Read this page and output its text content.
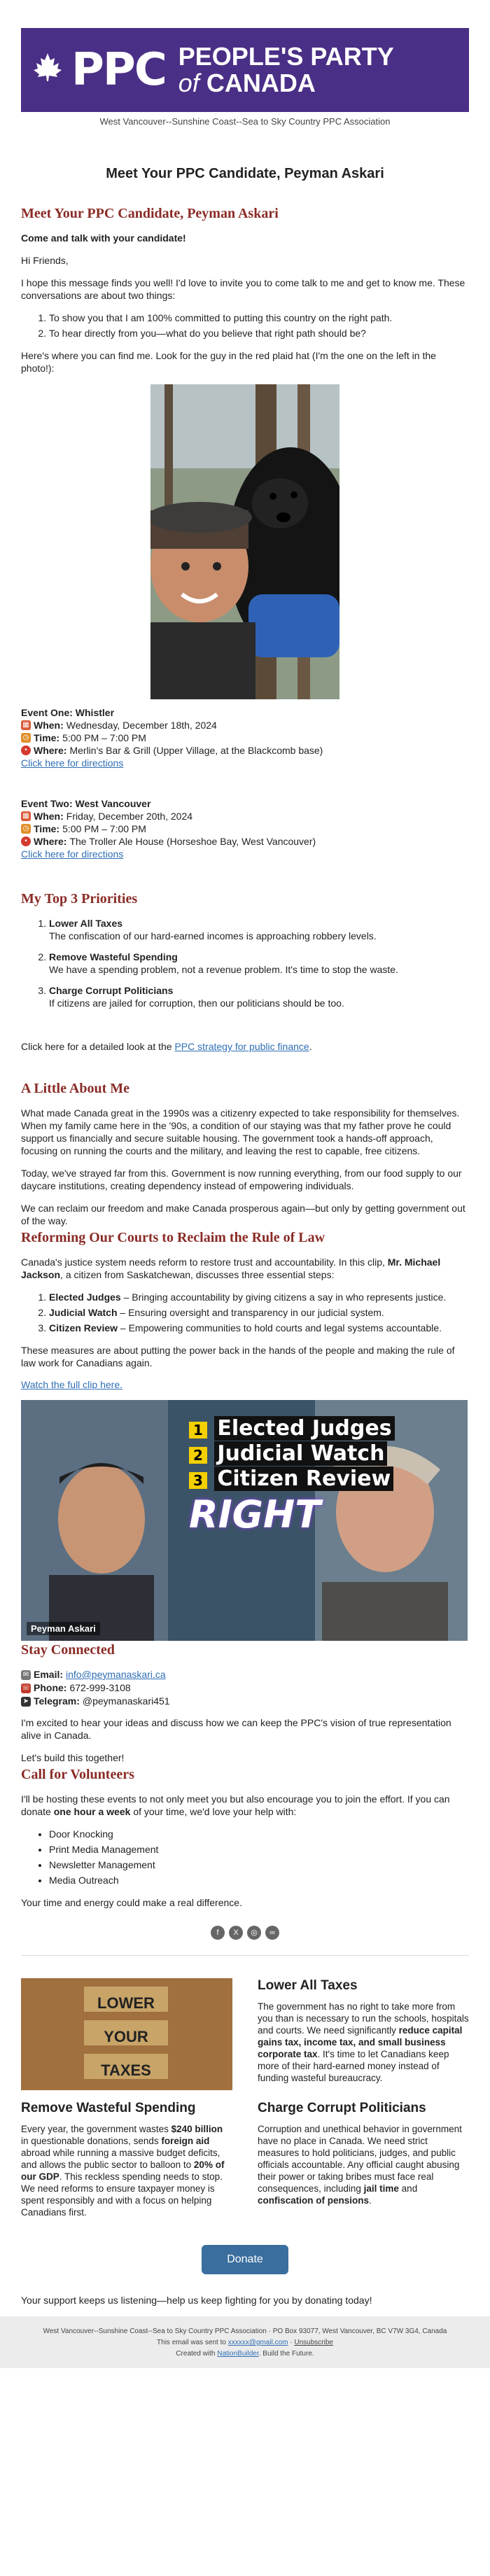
PPC PEOPLE'S PARTY
of CANADA
West Vancouver--Sunshine Coast--Sea to Sky Country PPC Association
Meet Your PPC Candidate, Peyman Askari
Meet Your PPC Candidate, Peyman Askari

Come and talk with your candidate!

Hi Friends,

I hope this message finds you well! I'd love to invite you to come talk to me and get to know me. These conversations are about two things:

1. To show you that I am 100% committed to putting this country on the right path.
2. To hear directly from you—what do you believe that right path should be?

Here's where you can find me. Look for the guy in the red plaid hat (I'm the one on the left in the photo!):

Event One: Whistler

▦ When: Wednesday, December 18th, 2024
◷ Time: 5:00 PM – 7:00 PM
• Where: Merlin's Bar & Grill (Upper Village, at the Blackcomb base)
Click here for directions

Event Two: West Vancouver

▦ When: Friday, December 20th, 2024
◷ Time: 5:00 PM – 7:00 PM
• Where: The Troller Ale House (Horseshoe Bay, West Vancouver)
Click here for directions
My Top 3 Priorities
1. Lower All Taxes
The confiscation of our hard-earned incomes is approaching robbery levels.
2. Remove Wasteful Spending
We have a spending problem, not a revenue problem. It's time to stop the waste.
3. Charge Corrupt Politicians
If citizens are jailed for corruption, then our politicians should be too.

Click here for a detailed look at the PPC strategy for public finance.

A Little About Me

What made Canada great in the 1990s was a citizenry expected to take responsibility for themselves. When my family came here in the '90s, a condition of our staying was that my father prove he could support us financially and secure suitable housing. The government took a hands-off approach, focusing on running the courts and the military, and leaving the rest to capable, free citizens.

Today, we've strayed far from this. Government is now running everything, from our food supply to our daycare institutions, creating dependency instead of empowering individuals.

We can reclaim our freedom and make Canada prosperous again—but only by getting government out of the way.

Reforming Our Courts to Reclaim the Rule of Law

Canada's justice system needs reform to restore trust and accountability. In this clip, Mr. Michael Jackson, a citizen from Saskatchewan, discusses three essential steps:

1. Elected Judges – Bringing accountability by giving citizens a say in who represents justice.
2. Judicial Watch – Ensuring oversight and transparency in our judicial system.
3. Citizen Review – Empowering communities to hold courts and legal systems accountable.

These measures are about putting the power back in the hands of the people and making the rule of law work for Canadians again.

Watch the full clip here.
1 Elected Judges
2 Judicial Watch
3 Citizen Review
RIGHT
Peyman Askari
Stay Connected
✉ Email: info@peymanaskari.ca
☏ Phone: 672-999-3108
➤ Telegram: @peymanaskari451

I'm excited to hear your ideas and discuss how we can keep the PPC's vision of true representation alive in Canada.

Let's build this together!

Call for Volunteers

I'll be hosting these events to not only meet you but also encourage you to join the effort. If you can donate one hour a week of your time, we'd love your help with:

• Door Knocking
• Print Media Management
• Newsletter Management
• Media Outreach

Your time and energy could make a real difference.

f	X	◎	∞
LOWER
YOUR
TAXES
Lower All Taxes

The government has no right to take more from you than is necessary to run the schools, hospitals and courts. We need significantly reduce capital gains tax, income tax, and small business corporate tax. It's time to let Canadians keep more of their hard-earned money instead of funding wasteful bureaucracy.

Remove Wasteful Spending

Every year, the government wastes $240 billion in questionable donations, sends foreign aid abroad while running a massive budget deficits, and allows the public sector to balloon to 20% of our GDP. This reckless spending needs to stop. We need reforms to ensure taxpayer money is spent responsibly and with a focus on helping Canadians first.

Charge Corrupt Politicians

Corruption and unethical behavior in government have no place in Canada. We need strict measures to hold politicians, judges, and public officials accountable. Any official caught abusing their power or taking bribes must face real consequences, including jail time and confiscation of pensions.

Donate

Your support keeps us listening—help us keep fighting for you by donating today!

West Vancouver--Sunshine Coast--Sea to Sky Country PPC Association · PO Box 93077, West Vancouver, BC V7W 3G4, Canada
This email was sent to xxxxxx@gmail.com · Unsubscribe
Created with NationBuilder. Build the Future.
